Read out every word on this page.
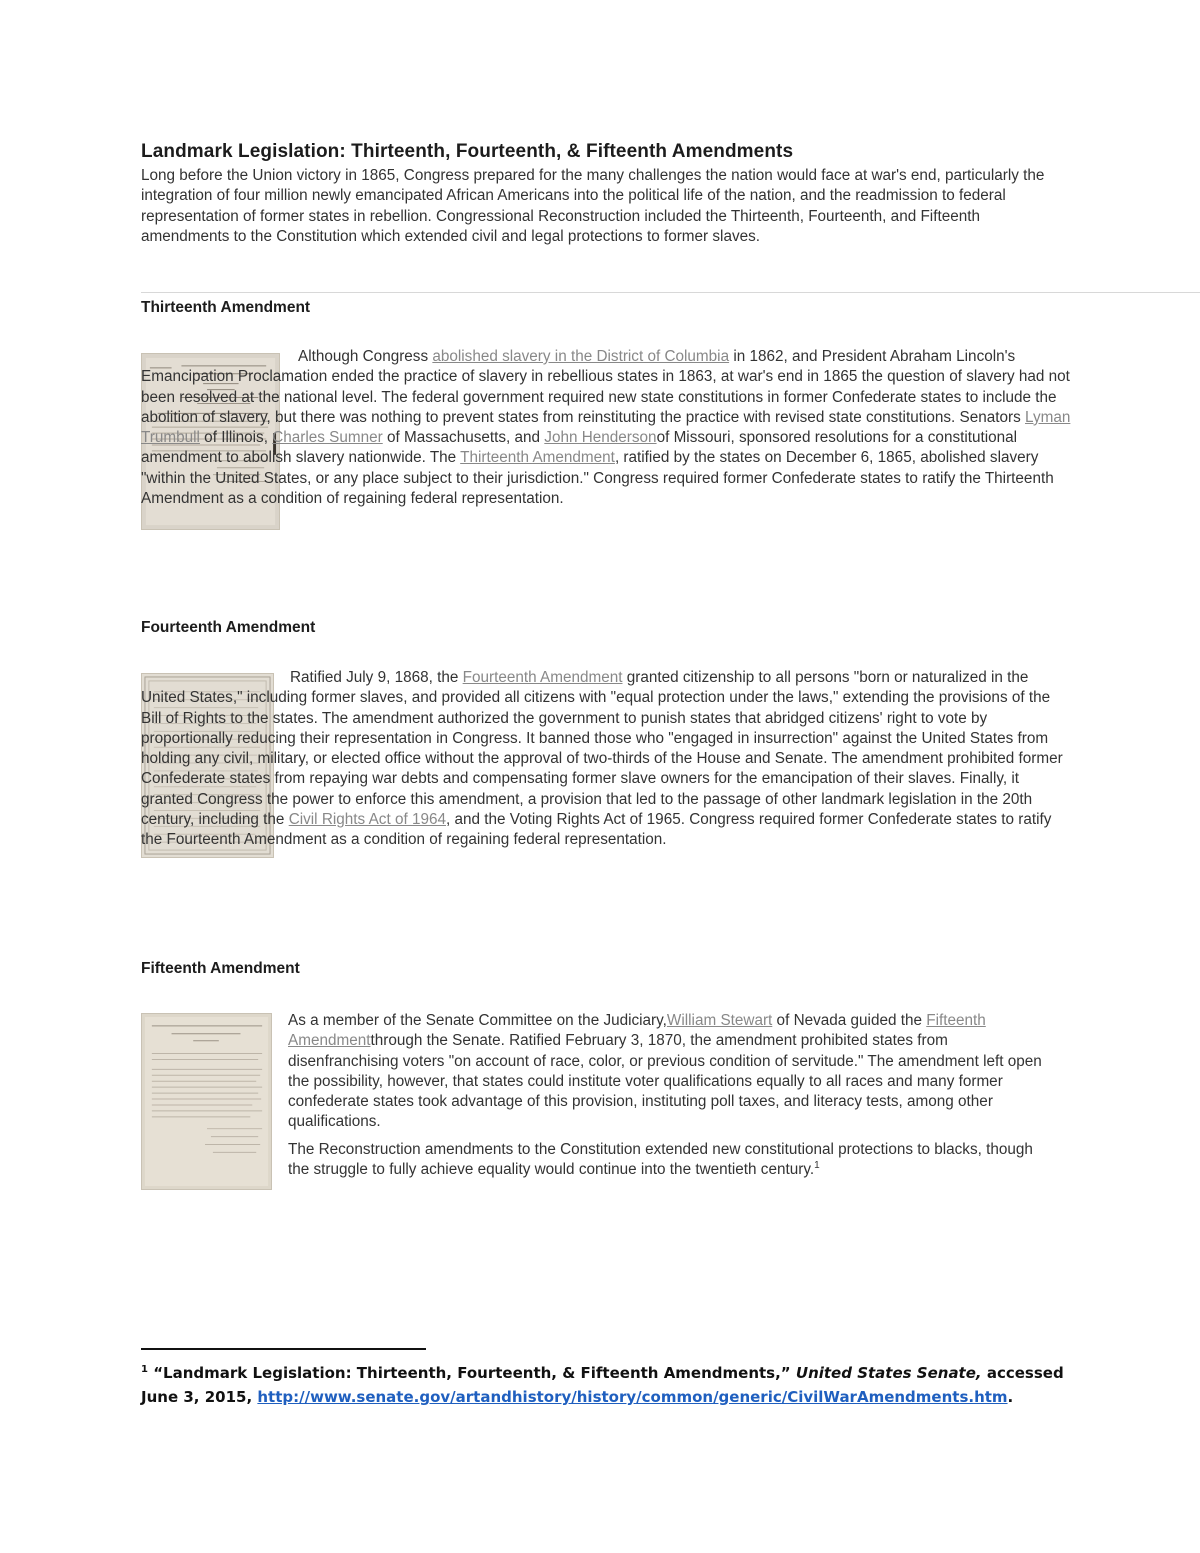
Landmark Legislation: Thirteenth, Fourteenth, & Fifteenth Amendments

Long before the Union victory in 1865, Congress prepared for the many challenges the nation would face at war's end, particularly the integration of four million newly emancipated African Americans into the political life of the nation, and the readmission to federal representation of former states in rebellion. Congressional Reconstruction included the Thirteenth, Fourteenth, and Fifteenth amendments to the Constitution which extended civil and legal protections to former slaves.

Thirteenth Amendment

Although Congress abolished slavery in the District of Columbia in 1862, and President Abraham Lincoln's Emancipation Proclamation ended the practice of slavery in rebellious states in 1863, at war's end in 1865 the question of slavery had not been resolved at the national level. The federal government required new state constitutions in former Confederate states to include the abolition of slavery, but there was nothing to prevent states from reinstituting the practice with revised state constitutions. Senators Lyman Trumbull of Illinois, Charles Sumner of Massachusetts, and John Hendersonof Missouri, sponsored resolutions for a constitutional amendment to abolish slavery nationwide. The Thirteenth Amendment, ratified by the states on December 6, 1865, abolished slavery "within the United States, or any place subject to their jurisdiction." Congress required former Confederate states to ratify the Thirteenth Amendment as a condition of regaining federal representation.

Fourteenth Amendment

Ratified July 9, 1868, the Fourteenth Amendment granted citizenship to all persons "born or naturalized in the United States," including former slaves, and provided all citizens with "equal protection under the laws," extending the provisions of the Bill of Rights to the states. The amendment authorized the government to punish states that abridged citizens' right to vote by proportionally reducing their representation in Congress. It banned those who "engaged in insurrection" against the United States from holding any civil, military, or elected office without the approval of two-thirds of the House and Senate. The amendment prohibited former Confederate states from repaying war debts and compensating former slave owners for the emancipation of their slaves. Finally, it granted Congress the power to enforce this amendment, a provision that led to the passage of other landmark legislation in the 20th century, including the Civil Rights Act of 1964, and the Voting Rights Act of 1965. Congress required former Confederate states to ratify the Fourteenth Amendment as a condition of regaining federal representation.

Fifteenth Amendment

As a member of the Senate Committee on the Judiciary,William Stewart of Nevada guided the Fifteenth Amendmentthrough the Senate. Ratified February 3, 1870, the amendment prohibited states from disenfranchising voters "on account of race, color, or previous condition of servitude." The amendment left open the possibility, however, that states could institute voter qualifications equally to all races and many former confederate states took advantage of this provision, instituting poll taxes, and literacy tests, among other qualifications.

The Reconstruction amendments to the Constitution extended new constitutional protections to blacks, though the struggle to fully achieve equality would continue into the twentieth century.$^1$

$^1$ “Landmark Legislation: Thirteenth, Fourteenth, & Fifteenth Amendments,” United States Senate, accessed June 3, 2015, http://www.senate.gov/artandhistory/history/common/generic/CivilWarAmendments.htm.
